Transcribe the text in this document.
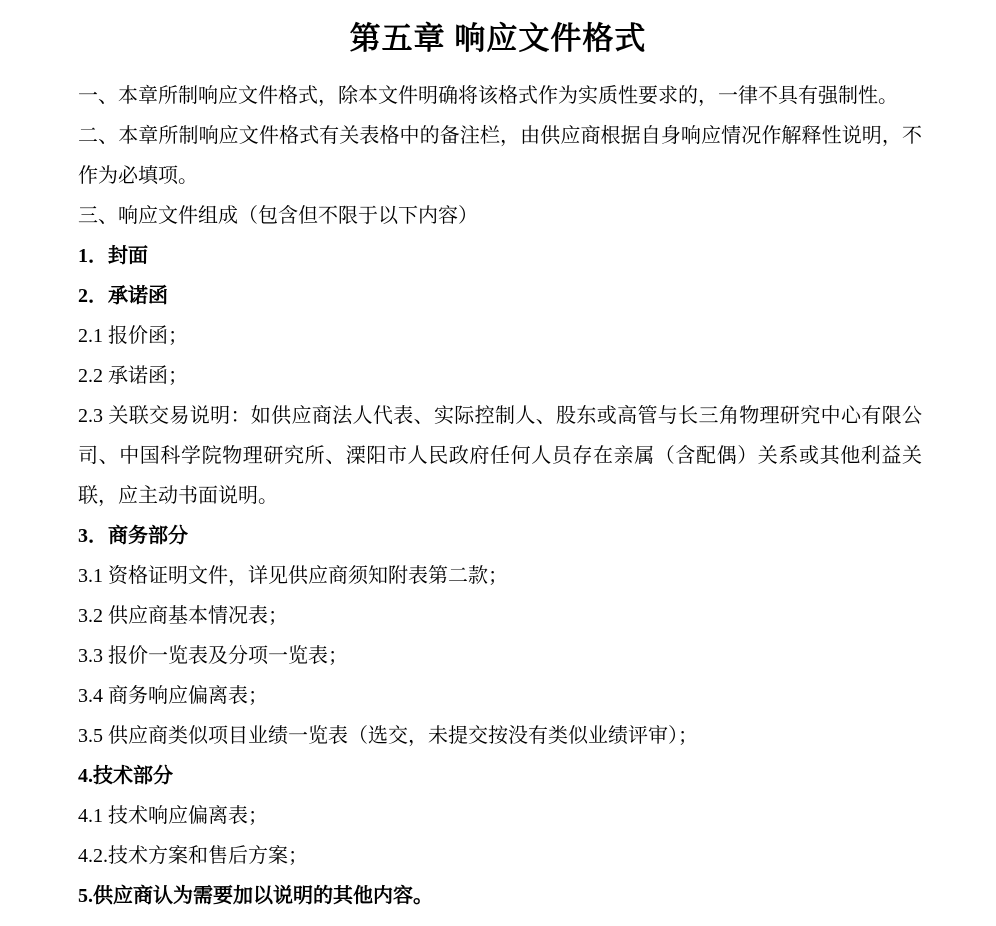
第五章 响应文件格式

一、本章所制响应文件格式，除本文件明确将该格式作为实质性要求的，一律不具有强制性。

二、本章所制响应文件格式有关表格中的备注栏，由供应商根据自身响应情况作解释性说明，不作为必填项。

三、响应文件组成（包含但不限于以下内容）

1．封面

2．承诺函

2.1 报价函；

2.2 承诺函；

2.3 关联交易说明：如供应商法人代表、实际控制人、股东或高管与长三角物理研究中心有限公司、中国科学院物理研究所、溧阳市人民政府任何人员存在亲属（含配偶）关系或其他利益关联，应主动书面说明。

3．商务部分

3.1 资格证明文件，详见供应商须知附表第二款；

3.2 供应商基本情况表；

3.3 报价一览表及分项一览表；

3.4 商务响应偏离表；

3.5 供应商类似项目业绩一览表（选交，未提交按没有类似业绩评审）；

4.技术部分

4.1 技术响应偏离表；

4.2.技术方案和售后方案；

5.供应商认为需要加以说明的其他内容。
